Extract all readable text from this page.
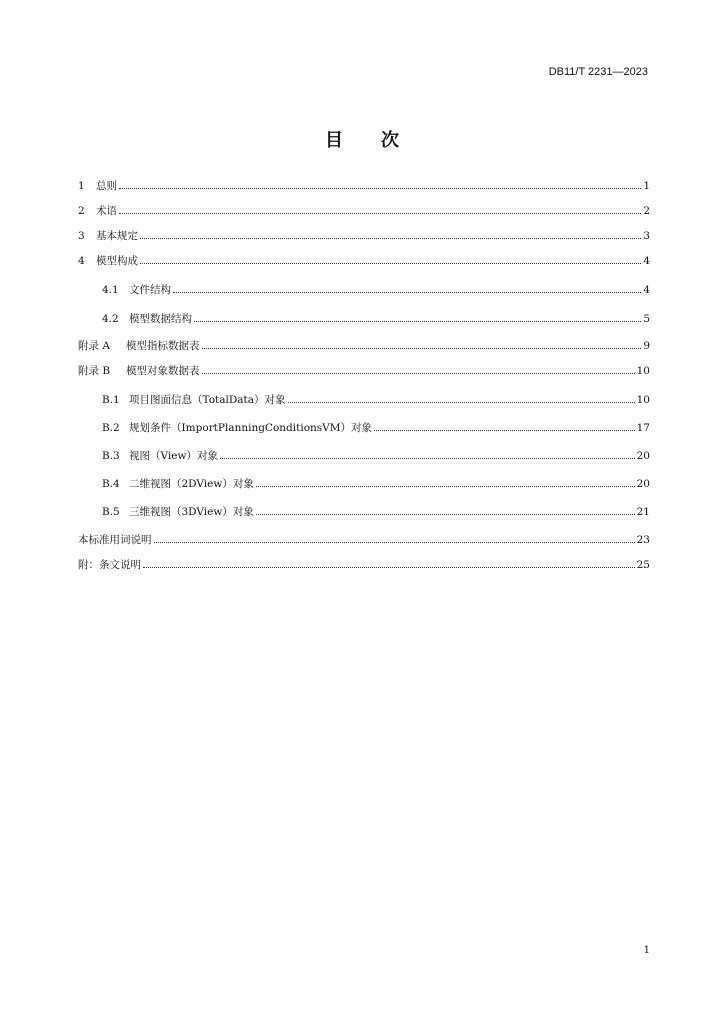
DB11/T 2231—2023
目 次
1	总则	1
2	术语	2
3	基本规定	3
4	模型构成	4
4.1 文件结构	4
4.2 模型数据结构	5
附录 A	模型指标数据表	9
附录 B	模型对象数据表	10
B.1 项目图面信息（TotalData）对象	10
B.2 规划条件（ImportPlanningConditionsVM）对象	17
B.3 视图（View）对象	20
B.4 二维视图（2DView）对象	20
B.5 三维视图（3DView）对象	21
本标准用词说明	23
附：条文说明	25
1
